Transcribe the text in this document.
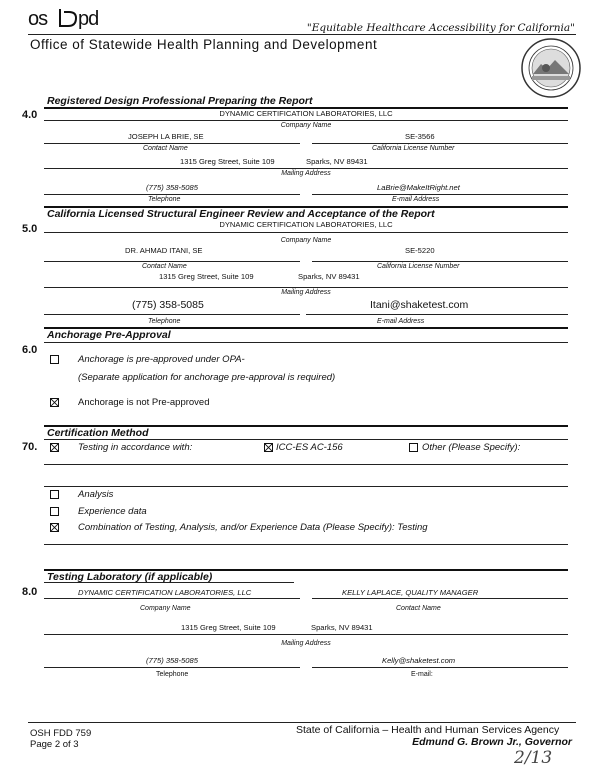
os pd	"Equitable Healthcare Accessibility for California"
Office of Statewide Health Planning and Development
Registered Design Professional Preparing the Report
4.0	DYNAMIC CERTIFICATION LABORATORIES, LLC
Company Name
JOSEPH LA BRIE, SE	SE-3566
Contact Name	California License Number
1315 Greg Street, Suite 109	Sparks, NV 89431
Mailing Address
(775) 358-5085	LaBrie@MakeItRight.net
Telephone	E-mail Address
California Licensed Structural Engineer Review and Acceptance of the Report
5.0	DYNAMIC CERTIFICATION LABORATORIES, LLC
Company Name
DR. AHMAD ITANI, SE	SE-5220
Contact Name	California License Number
1315 Greg Street, Suite 109	Sparks, NV 89431
Mailing Address
(775) 358-5085	Itani@shaketest.com
Telephone	E-mail Address
Anchorage Pre-Approval
6.0
Anchorage is pre-approved under OPA-
(Separate application for anchorage pre-approval is required)
Anchorage is not Pre-approved
Certification Method
70.	Testing in accordance with:	ICC-ES AC-156	Other (Please Specify):
Analysis
Experience data
Combination of Testing, Analysis, and/or Experience Data (Please Specify): Testing
Testing Laboratory (if applicable)
8.0	DYNAMIC CERTIFICATION LABORATORIES, LLC	KELLY LAPLACE, QUALITY MANAGER
Company Name	Contact Name
1315 Greg Street, Suite 109	Sparks, NV 89431
Mailing Address
(775) 358-5085	Kelly@shaketest.com
Telephone	E-mail:
OSH FDD 759
Page 2 of 3
State of California – Health and Human Services Agency
Edmund G. Brown Jr., Governor
2/13
